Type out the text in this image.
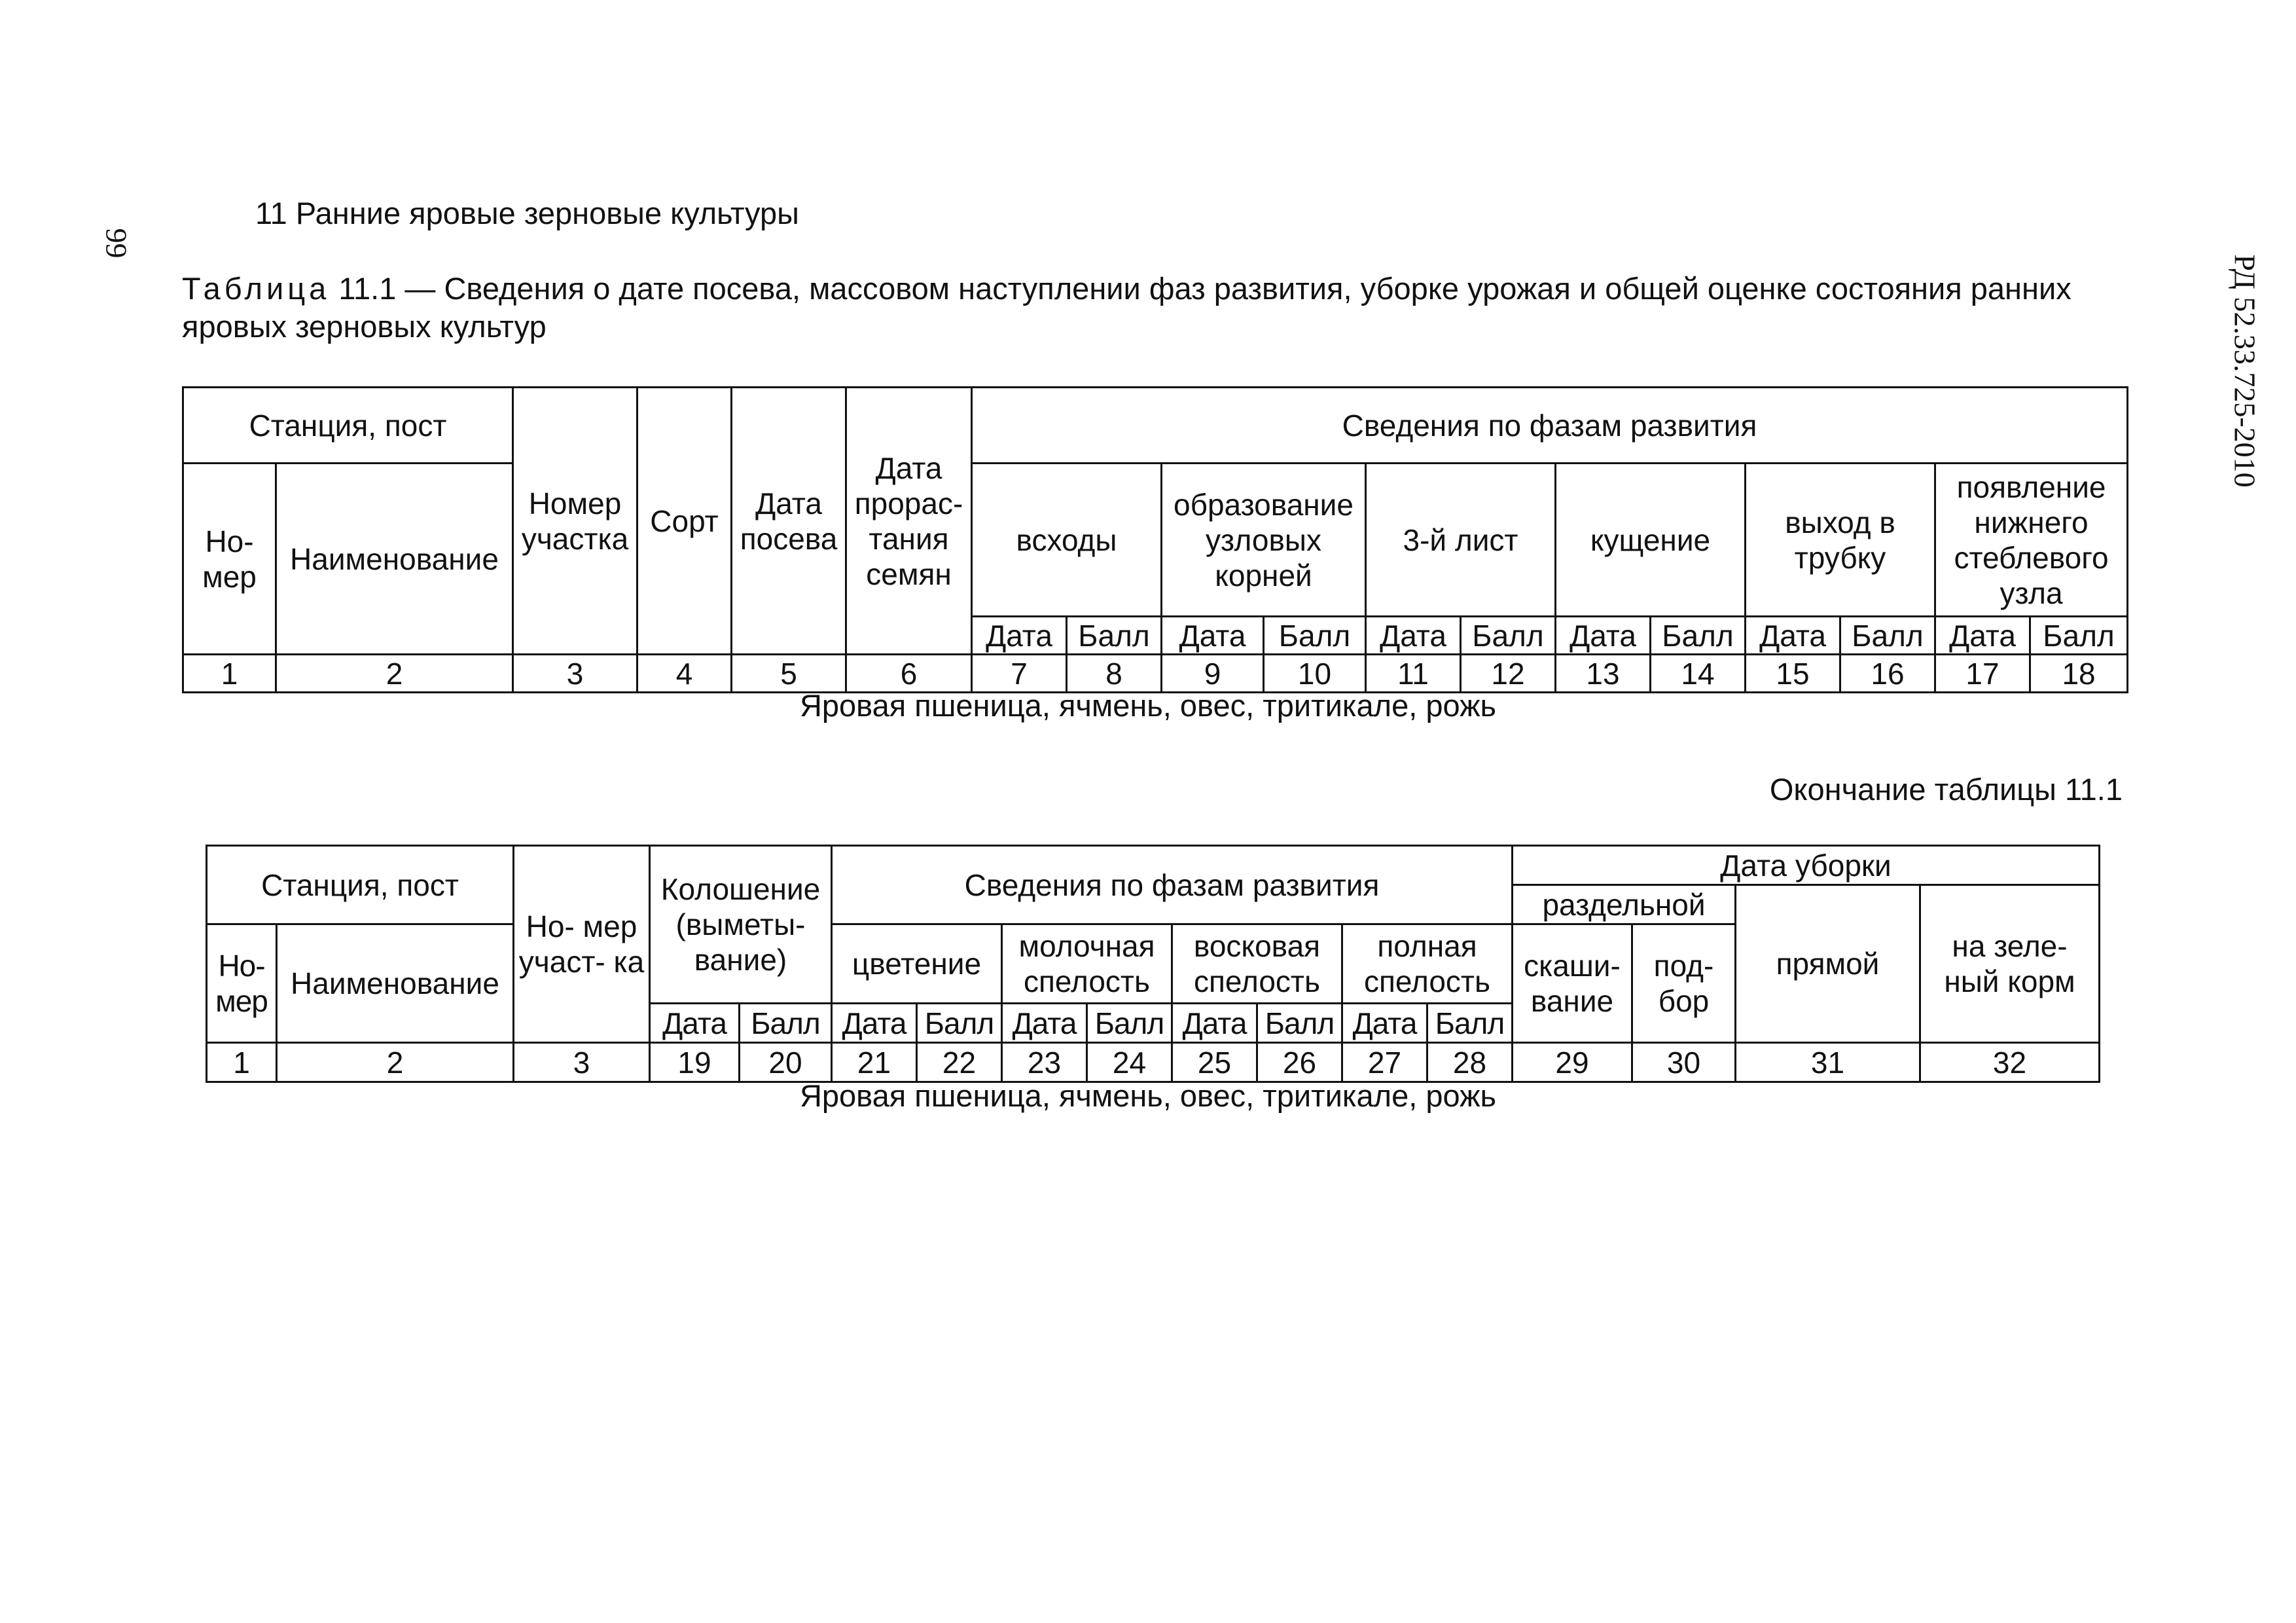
99
РД 52.33.725-2010
11 Ранние яровые зерновые культуры
Таблица 11.1 — Сведения о дате посева, массовом наступлении фаз развития, уборке урожая и общей оценке состояния ранних яровых зерновых культур
Станция, пост		Номер участка	Сорт	Дата посева	Дата прорас- тания семян	Сведения по фазам развития											
Но- мер	Наименование					всходы		образование узловых корней		3-й лист		кущение		выход в трубку		появление нижнего стеблевого узла	
						Дата	Балл	Дата	Балл	Дата	Балл	Дата	Балл	Дата	Балл	Дата	Балл
1	2	3	4	5	6	7	8	9	10	11	12	13	14	15	16	17	18
Яровая пшеница, ячмень, овес, тритикале, рожь
Окончание таблицы 11.1
Станция, пост		Но- мер участ- ка	Колошение (выметы- вание)		Сведения по фазам развития								Дата уборки			
													раздельной		прямой	на зеле- ный корм
Но- мер	Наименование				цветение		молочная спелость		восковая спелость		полная спелость		скаши- вание	под- бор		
			Дата	Балл	Дата	Балл	Дата	Балл	Дата	Балл	Дата	Балл				
1	2	3	19	20	21	22	23	24	25	26	27	28	29	30	31	32
Яровая пшеница, ячмень, овес, тритикале, рожь
